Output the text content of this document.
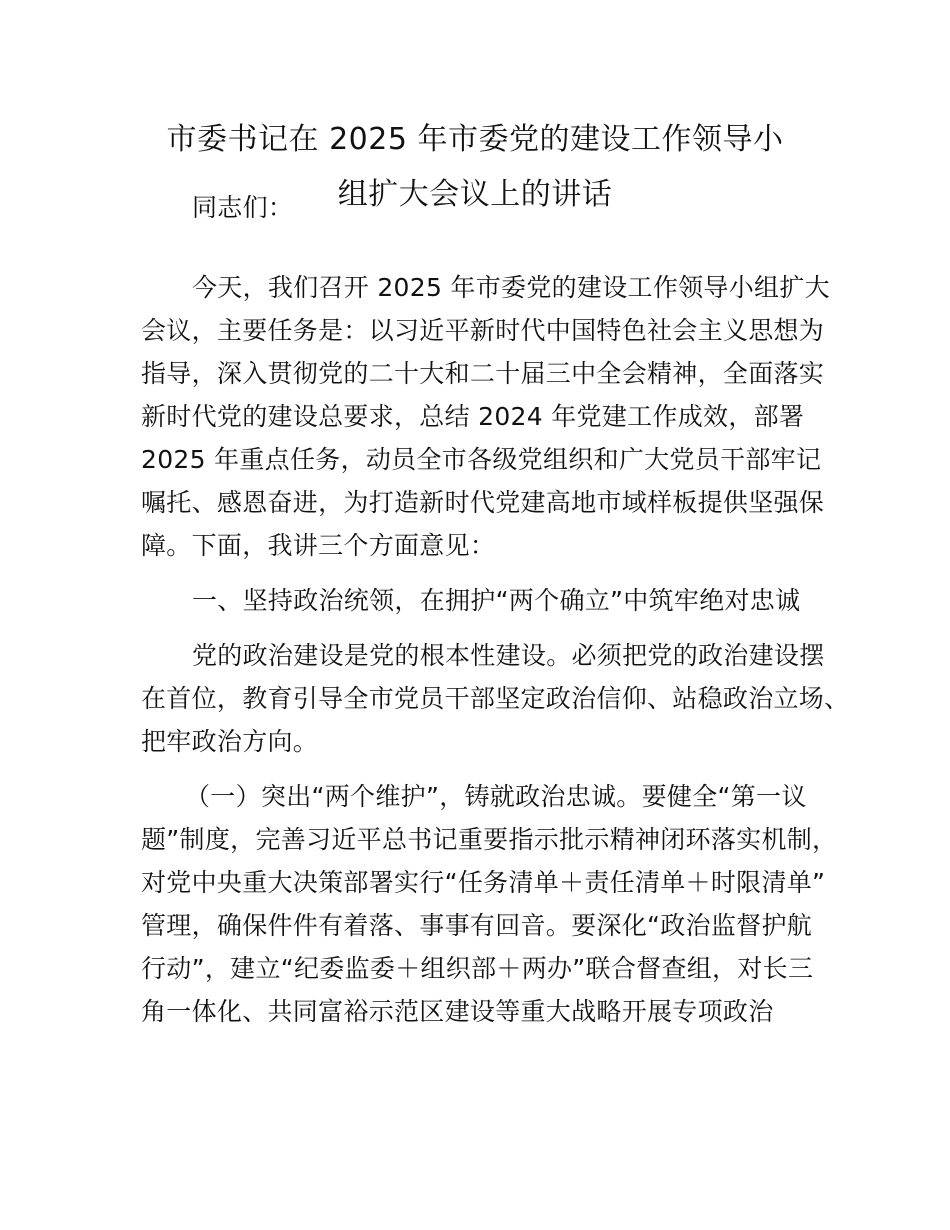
市委书记在 2025 年市委党的建设工作领导小
组扩大会议上的讲话

同志们：

今天，我们召开 2025 年市委党的建设工作领导小组扩大

会议，主要任务是：以习近平新时代中国特色社会主义思想为

指导，深入贯彻党的二十大和二十届三中全会精神，全面落实

新时代党的建设总要求，总结 2024 年党建工作成效，部署

2025 年重点任务，动员全市各级党组织和广大党员干部牢记

嘱托、感恩奋进，为打造新时代党建高地市域样板提供坚强保

障。下面，我讲三个方面意见：

一、坚持政治统领，在拥护“两个确立”中筑牢绝对忠诚

党的政治建设是党的根本性建设。必须把党的政治建设摆

在首位，教育引导全市党员干部坚定政治信仰、站稳政治立场、

把牢政治方向。

（一）突出“两个维护”，铸就政治忠诚。要健全“第一议

题”制度，完善习近平总书记重要指示批示精神闭环落实机制，

对党中央重大决策部署实行“任务清单＋责任清单＋时限清单”

管理，确保件件有着落、事事有回音。要深化“政治监督护航

行动”，建立“纪委监委＋组织部＋两办”联合督查组，对长三

角一体化、共同富裕示范区建设等重大战略开展专项政治
